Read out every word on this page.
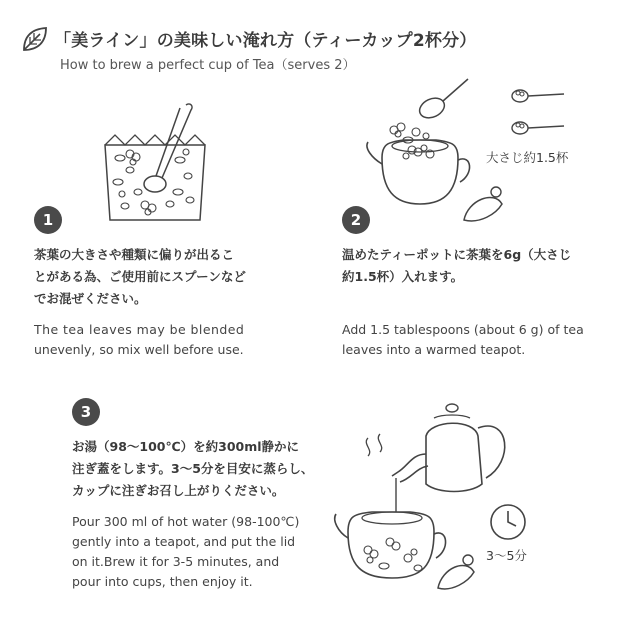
「美ライン」の美味しい淹れ方（ティーカップ2杯分）
How to brew a perfect cup of Tea（serves 2）
1
茶葉の大きさや種類に偏りが出るこ
とがある為、ご使用前にスプーンなど
でお混ぜください。
The tea leaves may be blended
unevenly, so mix well before use.
大さじ約1.5杯
2
温めたティーポットに茶葉を6g（大さじ
約1.5杯）入れます。
Add 1.5 tablespoons (about 6 g) of tea
leaves into a warmed teapot.
3
お湯（98～100℃）を約300ml静かに
注ぎ蓋をします。3～5分を目安に蒸らし、
カップに注ぎお召し上がりください。
Pour 300 ml of hot water (98-100℃)
gently into a teapot, and put the lid
on it.Brew it for 3-5 minutes, and
pour into cups, then enjoy it.
3～5分
